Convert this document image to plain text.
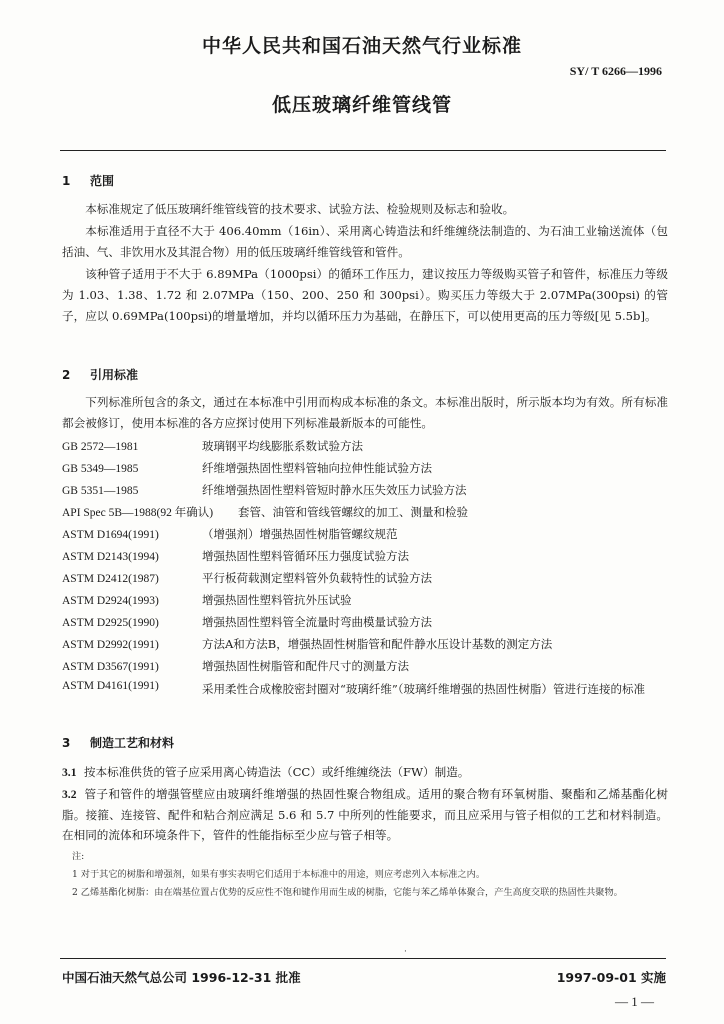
中华人民共和国石油天然气行业标准
SY/ T 6266—1996
低压玻璃纤维管线管
1 范围
本标准规定了低压玻璃纤维管线管的技术要求、试验方法、检验规则及标志和验收。
本标准适用于直径不大于 406.40mm（16in）、采用离心铸造法和纤维缠绕法制造的、为石油工业输送流体（包括油、气、非饮用水及其混合物）用的低压玻璃纤维管线管和管件。
该种管子适用于不大于 6.89MPa（1000psi）的循环工作压力，建议按压力等级购买管子和管件，标准压力等级为 1.03、1.38、1.72 和 2.07MPa（150、200、250 和 300psi）。购买压力等级大于 2.07MPa(300psi) 的管子，应以 0.69MPa(100psi)的增量增加，并均以循环压力为基础，在静压下，可以使用更高的压力等级[见 5.5b]。
2 引用标准
下列标准所包含的条文，通过在本标准中引用而构成本标准的条文。本标准出版时，所示版本均为有效。所有标准都会被修订，使用本标准的各方应探讨使用下列标准最新版本的可能性。
GB 2572—1981	玻璃钢平均线膨胀系数试验方法
GB 5349—1985	纤维增强热固性塑料管轴向拉伸性能试验方法
GB 5351—1985	纤维增强热固性塑料管短时静水压失效压力试验方法
API Spec 5B—1988(92 年确认) 套管、油管和管线管螺纹的加工、测量和检验
ASTM D1694(1991)	（增强剂）增强热固性树脂管螺纹规范
ASTM D2143(1994)	增强热固性塑料管循环压力强度试验方法
ASTM D2412(1987)	平行板荷载测定塑料管外负载特性的试验方法
ASTM D2924(1993)	增强热固性塑料管抗外压试验
ASTM D2925(1990)	增强热固性塑料管全流量时弯曲模量试验方法
ASTM D2992(1991)	方法A和方法B，增强热固性树脂管和配件静水压设计基数的测定方法
ASTM D3567(1991)	增强热固性树脂管和配件尺寸的测量方法
ASTM D4161(1991)	采用柔性合成橡胶密封圈对“玻璃纤维”（玻璃纤维增强的热固性树脂）管进行连接的标准
3 制造工艺和材料
3.1 按本标准供货的管子应采用离心铸造法（CC）或纤维缠绕法（FW）制造。
3.2 管子和管件的增强管壁应由玻璃纤维增强的热固性聚合物组成。适用的聚合物有环氧树脂、聚酯和乙烯基酯化树脂。接箍、连接管、配件和粘合剂应满足 5.6 和 5.7 中所列的性能要求，而且应采用与管子相似的工艺和材料制造。在相同的流体和环境条件下，管件的性能指标至少应与管子相等。
注:
1 对于其它的树脂和增强剂，如果有事实表明它们适用于本标准中的用途，则应考虑列入本标准之内。
2 乙烯基酯化树脂：由在端基位置占优势的反应性不饱和键作用而生成的树脂，它能与苯乙烯单体聚合，产生高度交联的热固性共聚物。
·
中国石油天然气总公司 1996-12-31 批准	1997-09-01 实施
— 1 —
